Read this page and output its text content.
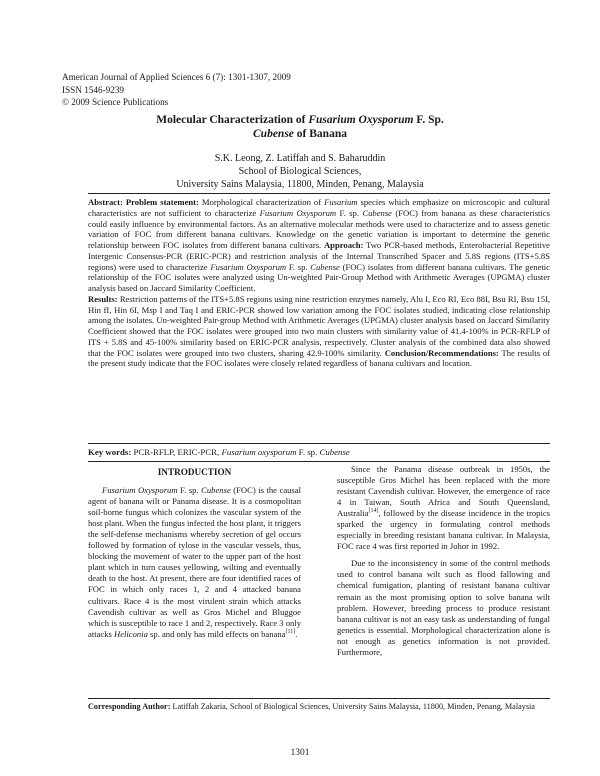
American Journal of Applied Sciences 6 (7): 1301-1307, 2009
ISSN 1546-9239
© 2009 Science Publications
Molecular Characterization of Fusarium Oxysporum F. Sp.
Cubense of Banana
S.K. Leong, Z. Latiffah and S. Baharuddin
School of Biological Sciences,
University Sains Malaysia, 11800, Minden, Penang, Malaysia

Abstract: Problem statement: Morphological characterization of Fusarium species which emphasize on microscopic and cultural characteristics are not sufficient to characterize Fusarium Oxysporum F. sp. Cubense (FOC) from banana as these characteristics could easily influence by environmental factors. As an alternative molecular methods were used to characterize and to assess genetic variation of FOC from different banana cultivars. Knowledge on the genetic variation is important to determine the genetic relationship between FOC isolates from different banana cultivars. Approach: Two PCR-based methods, Enterobacterial Repetitive Intergenic Consensus-PCR (ERIC-PCR) and restriction analysis of the Internal Transcribed Spacer and 5.8S regions (ITS+5.8S regions) were used to characterize Fusarium Oxysporum F. sp. Cubense (FOC) isolates from different banana cultivars. The genetic relationship of the FOC isolates were analyzed using Un-weighted Pair-Group Method with Arithmetic Averages (UPGMA) cluster analysis based on Jaccard Similarity Coefficient.

Results: Restriction patterns of the ITS+5.8S regions using nine restriction enzymes namely, Alu I, Eco RI, Eco 88I, Bsu RI, Bsu 15I, Hin fI, Hin 6I, Msp I and Taq I and ERIC-PCR showed low variation among the FOC isolates studied, indicating close relationship among the isolates. Un-weighted Pair-group Method with Arithmetic Averages (UPGMA) cluster analysis based on Jaccard Similarity Coefficient showed that the FOC isolates were grouped into two main clusters with similarity value of 41.4-100% in PCR-RFLP of ITS + 5.8S and 45-100% similarity based on ERIC-PCR analysis, respectively. Cluster analysis of the combined data also showed that the FOC isolates were grouped into two clusters, sharing 42.9-100% similarity. Conclusion/Recommendations: The results of the present study indicate that the FOC isolates were closely related regardless of banana cultivars and location.

Key words: PCR-RFLP, ERIC-PCR, Fusarium oxysporum F. sp. Cubense

INTRODUCTION

Fusarium Oxysporum F. sp. Cubense (FOC) is the causal agent of banana wilt or Panama disease. It is a cosmopolitan soil-borne fungus which colonizes the vascular system of the host plant. When the fungus infected the host plant, it triggers the self-defense mechanisms whereby secretion of gel occurs followed by formation of tylose in the vascular vessels, thus, blocking the movement of water to the upper part of the host plant which in turn causes yellowing, wilting and eventually death to the host. At present, there are four identified races of FOC in which only races 1, 2 and 4 attacked banana cultivars. Race 4 is the most virulent strain which attacks Cavendish cultivar as well as Gros Michel and Bluggoe which is susceptible to race 1 and 2, respectively. Race 3 only attacks Heliconia sp. and only has mild effects on banana[11].

Since the Panama disease outbreak in 1950s, the susceptible Gros Michel has been replaced with the more resistant Cavendish cultivar. However, the emergence of race 4 in Taiwan, South Africa and South Queensland, Australia[14], followed by the disease incidence in the tropics sparked the urgency in formulating control methods especially in breeding resistant banana cultivar. In Malaysia, FOC race 4 was first reported in Johor in 1992.

Due to the inconsistency in some of the control methods used to control banana wilt such as flood fallowing and chemical fumigation, planting of resistant banana cultivar remain as the most promising option to solve banana wilt problem. However, breeding process to produce resistant banana cultivar is not an easy task as understanding of fungal genetics is essential. Morphological characterization alone is not enough as genetics information is not provided. Furthermore,

Corresponding Author: Latiffah Zakaria, School of Biological Sciences, University Sains Malaysia, 11800, Minden, Penang, Malaysia
1301
